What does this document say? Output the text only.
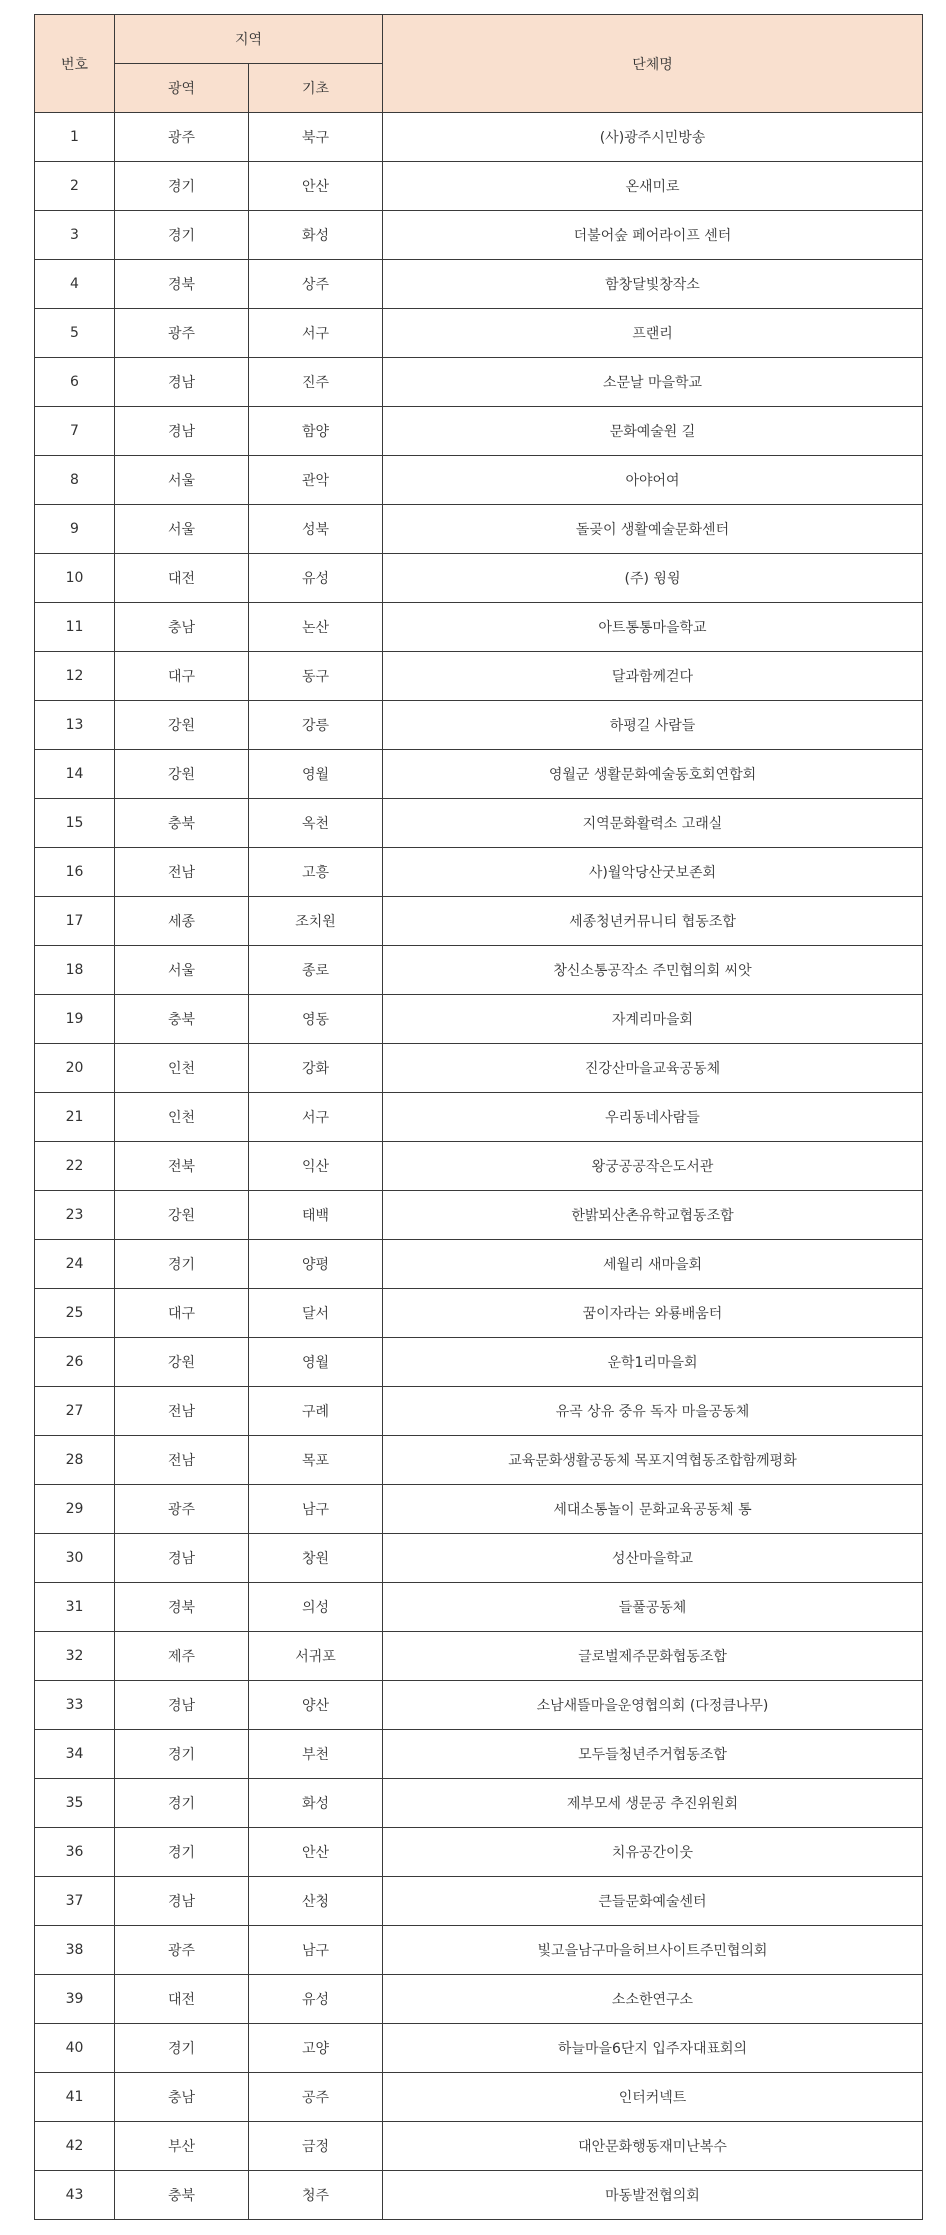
번호	지역		단체명
	광역	기초	
1	광주	북구	(사)광주시민방송
2	경기	안산	온새미로
3	경기	화성	더불어숲 페어라이프 센터
4	경북	상주	함창달빛창작소
5	광주	서구	프랜리
6	경남	진주	소문날 마을학교
7	경남	함양	문화예술원 길
8	서울	관악	아야어여
9	서울	성북	돌곶이 생활예술문화센터
10	대전	유성	(주) 윙윙
11	충남	논산	아트통통마을학교
12	대구	동구	달과함께걷다
13	강원	강릉	하평길 사람들
14	강원	영월	영월군 생활문화예술동호회연합회
15	충북	옥천	지역문화활력소 고래실
16	전남	고흥	사)월악당산굿보존회
17	세종	조치원	세종청년커뮤니티 협동조합
18	서울	종로	창신소통공작소 주민협의회 씨앗
19	충북	영동	자계리마을회
20	인천	강화	진강산마을교육공동체
21	인천	서구	우리동네사람들
22	전북	익산	왕궁공공작은도서관
23	강원	태백	한밝뫼산촌유학교협동조합
24	경기	양평	세월리 새마을회
25	대구	달서	꿈이자라는 와룡배움터
26	강원	영월	운학1리마을회
27	전남	구례	유곡 상유 중유 독자 마을공동체
28	전남	목포	교육문화생활공동체 목포지역협동조합함께평화
29	광주	남구	세대소통놀이 문화교육공동체 통
30	경남	창원	성산마을학교
31	경북	의성	들풀공동체
32	제주	서귀포	글로벌제주문화협동조합
33	경남	양산	소남새뜰마을운영협의회 (다정큼나무)
34	경기	부천	모두들청년주거협동조합
35	경기	화성	제부모세 생문공 추진위원회
36	경기	안산	치유공간이웃
37	경남	산청	큰들문화예술센터
38	광주	남구	빛고을남구마을허브사이트주민협의회
39	대전	유성	소소한연구소
40	경기	고양	하늘마을6단지 입주자대표회의
41	충남	공주	인터커넥트
42	부산	금정	대안문화행동재미난복수
43	충북	청주	마동발전협의회
